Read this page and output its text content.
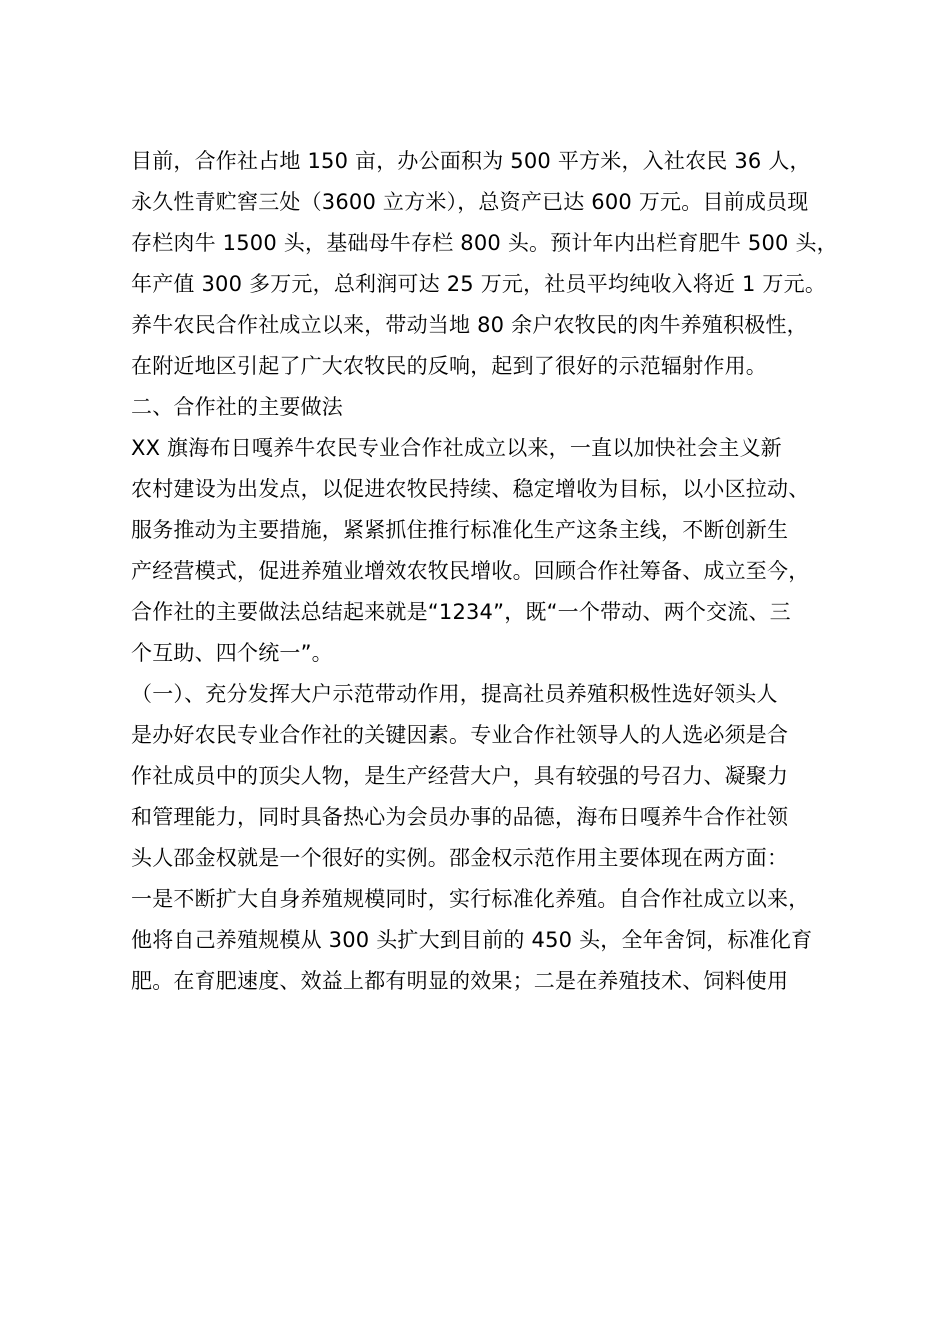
目前，合作社占地 150 亩，办公面积为 500 平方米，入社农民 36 人，
永久性青贮窖三处（3600 立方米），总资产已达 600 万元。目前成员现
存栏肉牛 1500 头，基础母牛存栏 800 头。预计年内出栏育肥牛 500 头，
年产值 300 多万元，总利润可达 25 万元，社员平均纯收入将近 1 万元。
养牛农民合作社成立以来，带动当地 80 余户农牧民的肉牛养殖积极性，
在附近地区引起了广大农牧民的反响，起到了很好的示范辐射作用。
二、合作社的主要做法
XX 旗海布日嘎养牛农民专业合作社成立以来，一直以加快社会主义新
农村建设为出发点，以促进农牧民持续、稳定增收为目标，以小区拉动、
服务推动为主要措施，紧紧抓住推行标准化生产这条主线，不断创新生
产经营模式，促进养殖业增效农牧民增收。回顾合作社筹备、成立至今，
合作社的主要做法总结起来就是“1234”，既“一个带动、两个交流、三
个互助、四个统一”。
（一）、充分发挥大户示范带动作用，提高社员养殖积极性选好领头人
是办好农民专业合作社的关键因素。专业合作社领导人的人选必须是合
作社成员中的顶尖人物，是生产经营大户，具有较强的号召力、凝聚力
和管理能力，同时具备热心为会员办事的品德，海布日嘎养牛合作社领
头人邵金权就是一个很好的实例。邵金权示范作用主要体现在两方面：
一是不断扩大自身养殖规模同时，实行标准化养殖。自合作社成立以来，
他将自己养殖规模从 300 头扩大到目前的 450 头，全年舍饲，标准化育
肥。在育肥速度、效益上都有明显的效果；二是在养殖技术、饲料使用
